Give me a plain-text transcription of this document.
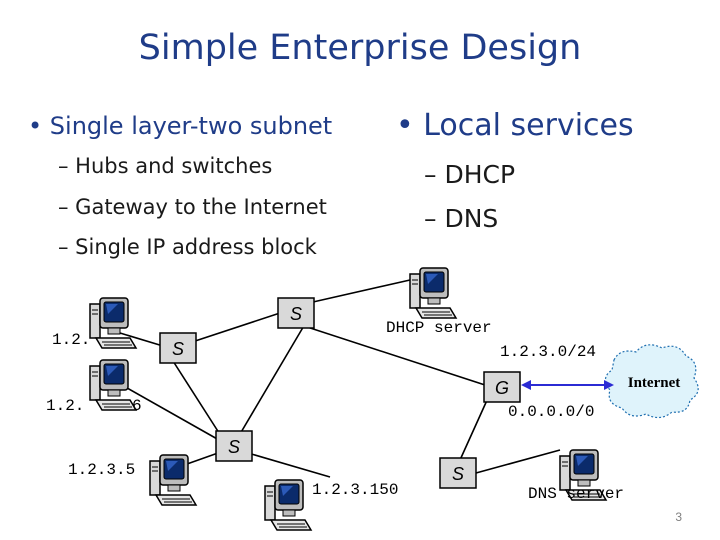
Simple Enterprise Design
• Single layer-two subnet
– Hubs and switches
– Gateway to the Internet
– Single IP address block
• Local services
– DHCP
– DNS
S
S
S
S
G
1.2.
1.2.	6
1.2.3.5
1.2.3.150
DHCP server
1.2.3.0/24
0.0.0.0/0
DNS server
Internet
3
